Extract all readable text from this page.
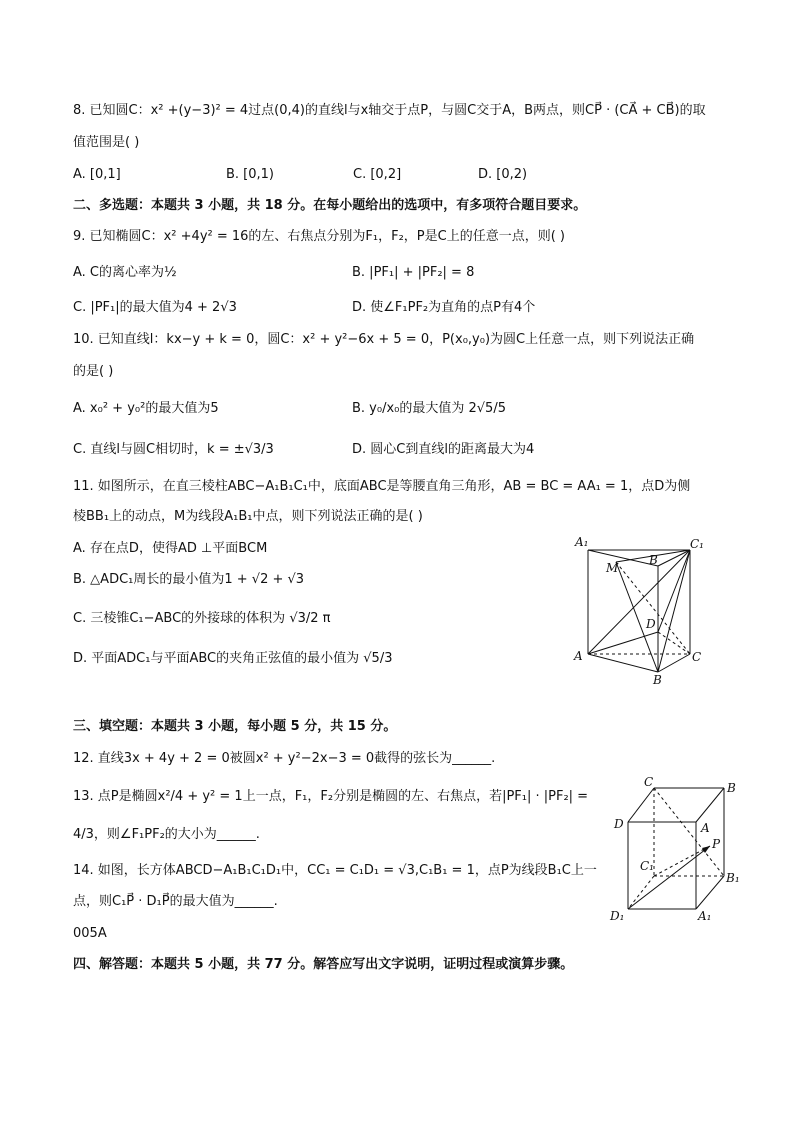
8. 已知圆C：x² +(y−3)² = 4过点(0,4)的直线l与x轴交于点P，与圆C交于A，B两点，则CP⃗ · (CA⃗ + CB⃗)的取
值范围是( )
A. [0,1]	B. [0,1)	C. [0,2]	D. [0,2)
二、多选题：本题共 3 小题，共 18 分。在每小题给出的选项中，有多项符合题目要求。
9. 已知椭圆C：x² +4y² = 16的左、右焦点分别为F₁，F₂，P是C上的任意一点，则( )
A. C的离心率为½	B. |PF₁| + |PF₂| = 8
C. |PF₁|的最大值为4 + 2√3	D. 使∠F₁PF₂为直角的点P有4个
10. 已知直线l：kx−y + k = 0，圆C：x² + y²−6x + 5 = 0，P(x₀,y₀)为圆C上任意一点，则下列说法正确
的是( )
A. x₀² + y₀²的最大值为5	B. y₀/x₀的最大值为 2√5/5
C. 直线l与圆C相切时，k = ±√3/3	D. 圆心C到直线l的距离最大为4
11. 如图所示，在直三棱柱ABC−A₁B₁C₁中，底面ABC是等腰直角三角形，AB = BC = AA₁ = 1，点D为侧
棱BB₁上的动点，M为线段A₁B₁中点，则下列说法正确的是( )
A. 存在点D，使得AD ⊥平面BCM
B. △ADC₁周长的最小值为1 + √2 + √3
C. 三棱锥C₁−ABC的外接球的体积为 √3/2 π
D. 平面ADC₁与平面ABC的夹角正弦值的最小值为 √5/3
A₁
B
C₁
M
D
A	C
B
三、填空题：本题共 3 小题，每小题 5 分，共 15 分。
12. 直线3x + 4y + 2 = 0被圆x² + y²−2x−3 = 0截得的弦长为______.
13. 点P是椭圆x²/4 + y² = 1上一点，F₁，F₂分别是椭圆的左、右焦点，若|PF₁| · |PF₂| =
4/3，则∠F₁PF₂的大小为______.
14. 如图，长方体ABCD−A₁B₁C₁D₁中，CC₁ = C₁D₁ = √3,C₁B₁ = 1，点P为线段B₁C上一
点，则C₁P⃗ · D₁P⃗的最大值为______.
C	B
D	A
P
C₁
B₁
D₁	A₁
005A
四、解答题：本题共 5 小题，共 77 分。解答应写出文字说明，证明过程或演算步骤。
